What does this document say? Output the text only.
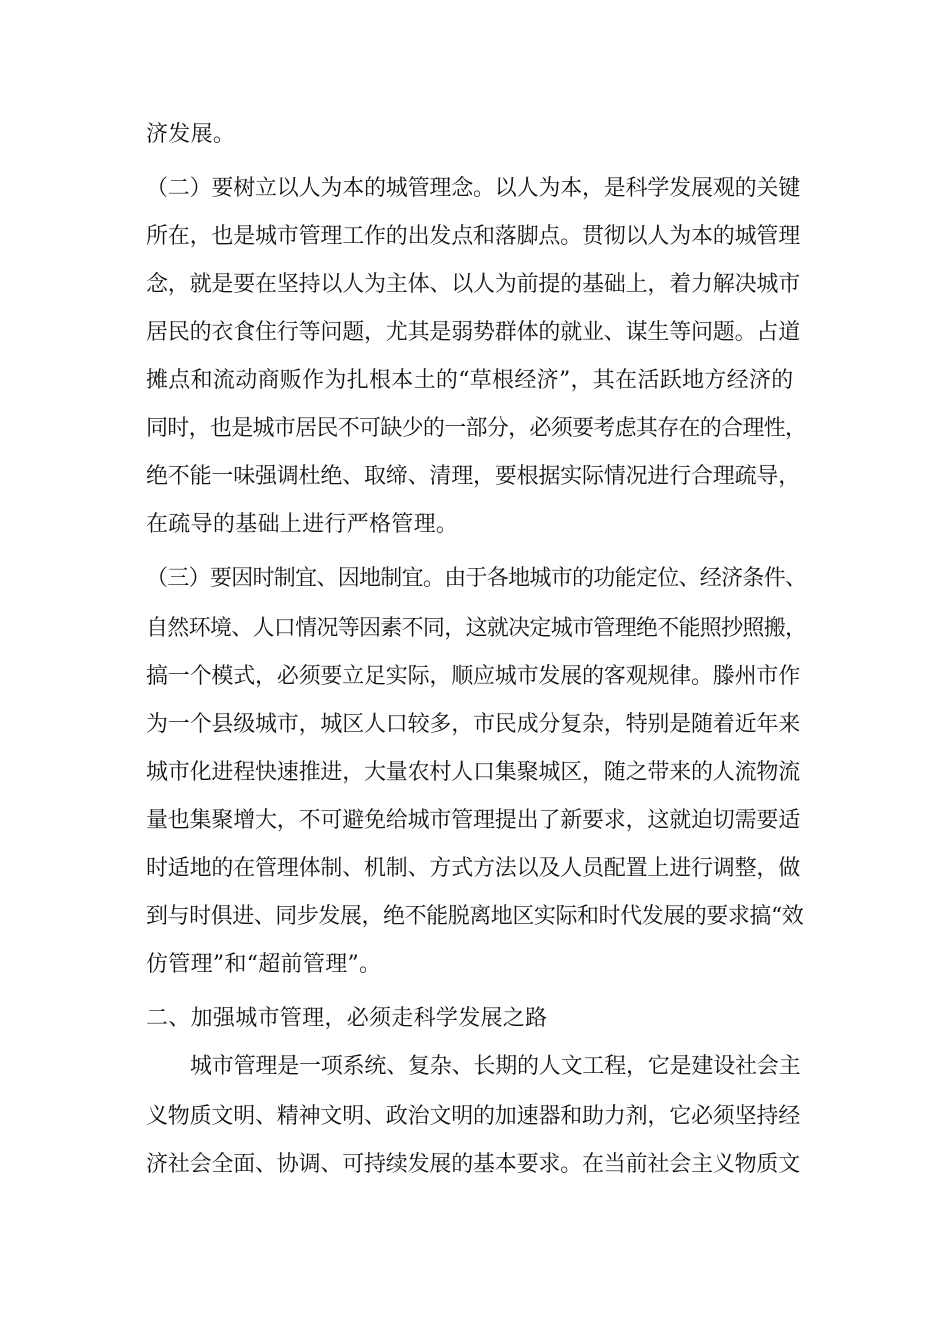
济发展。
（二）要树立以人为本的城管理念。以人为本，是科学发展观的关键
所在，也是城市管理工作的出发点和落脚点。贯彻以人为本的城管理
念，就是要在坚持以人为主体、以人为前提的基础上，着力解决城市
居民的衣食住行等问题，尤其是弱势群体的就业、谋生等问题。占道
摊点和流动商贩作为扎根本土的“草根经济”，其在活跃地方经济的
同时，也是城市居民不可缺少的一部分，必须要考虑其存在的合理性，
绝不能一味强调杜绝、取缔、清理，要根据实际情况进行合理疏导，
在疏导的基础上进行严格管理。
（三）要因时制宜、因地制宜。由于各地城市的功能定位、经济条件、
自然环境、人口情况等因素不同，这就决定城市管理绝不能照抄照搬，
搞一个模式，必须要立足实际，顺应城市发展的客观规律。滕州市作
为一个县级城市，城区人口较多，市民成分复杂，特别是随着近年来
城市化进程快速推进，大量农村人口集聚城区，随之带来的人流物流
量也集聚增大，不可避免给城市管理提出了新要求，这就迫切需要适
时适地的在管理体制、机制、方式方法以及人员配置上进行调整，做
到与时俱进、同步发展，绝不能脱离地区实际和时代发展的要求搞“效
仿管理”和“超前管理”。
二、加强城市管理，必须走科学发展之路
城市管理是一项系统、复杂、长期的人文工程，它是建设社会主
义物质文明、精神文明、政治文明的加速器和助力剂，它必须坚持经
济社会全面、协调、可持续发展的基本要求。在当前社会主义物质文
